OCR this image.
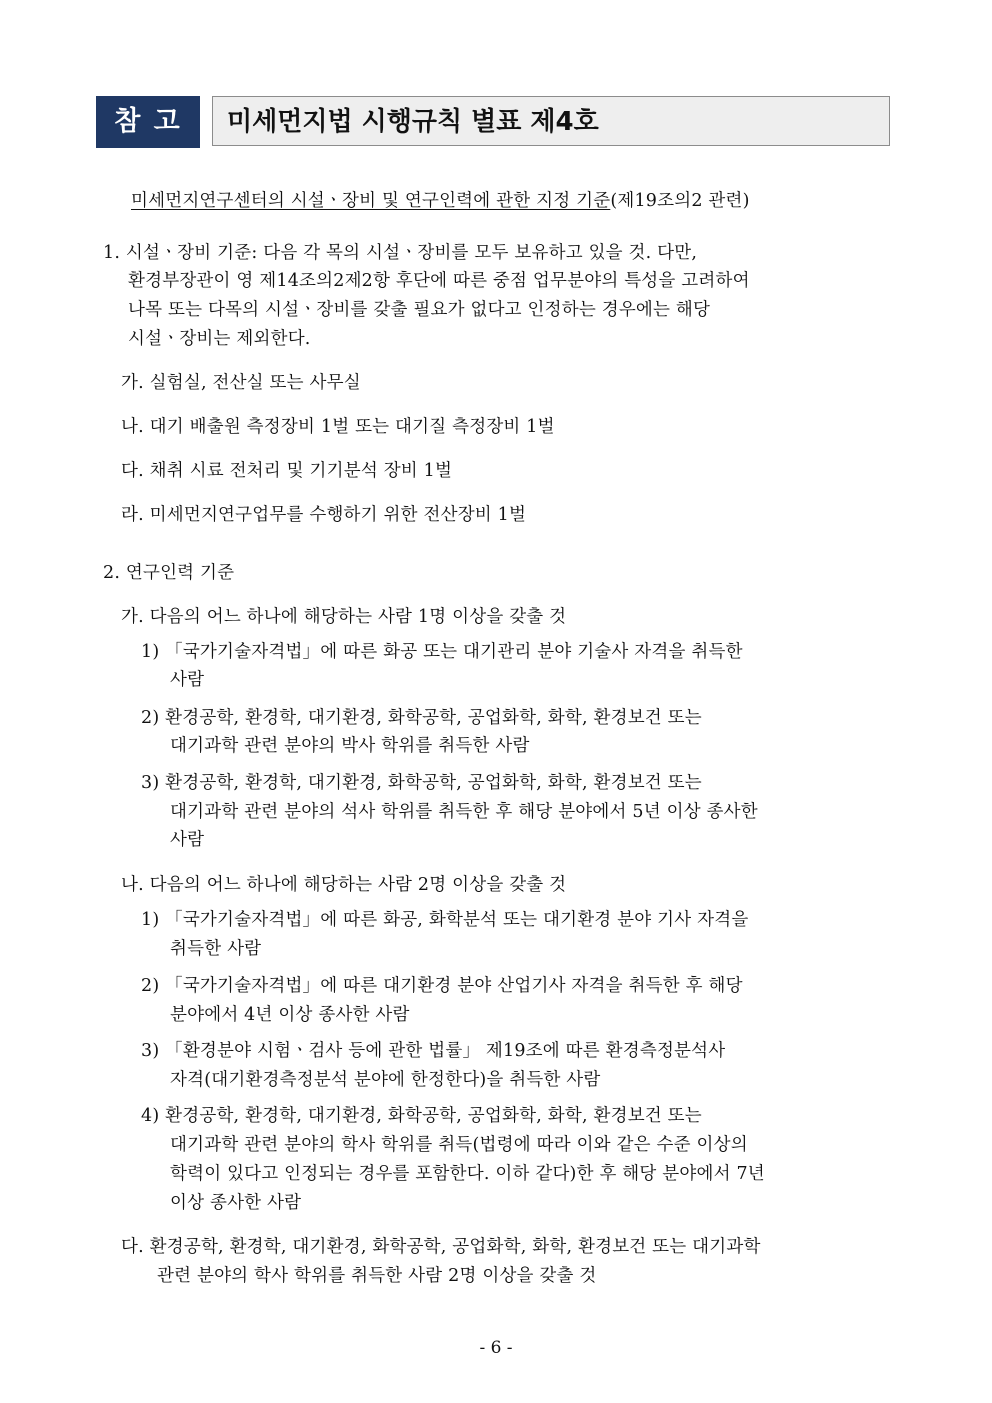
참 고	미세먼지법 시행규칙 별표 제4호
미세먼지연구센터의 시설ㆍ장비 및 연구인력에 관한 지정 기준(제19조의2 관련)
1. 시설ㆍ장비 기준: 다음 각 목의 시설ㆍ장비를 모두 보유하고 있을 것. 다만,
환경부장관이 영 제14조의2제2항 후단에 따른 중점 업무분야의 특성을 고려하여
나목 또는 다목의 시설ㆍ장비를 갖출 필요가 없다고 인정하는 경우에는 해당
시설ㆍ장비는 제외한다.
가. 실험실, 전산실 또는 사무실
나. 대기 배출원 측정장비 1벌 또는 대기질 측정장비 1벌
다. 채취 시료 전처리 및 기기분석 장비 1벌
라. 미세먼지연구업무를 수행하기 위한 전산장비 1벌
2. 연구인력 기준
가. 다음의 어느 하나에 해당하는 사람 1명 이상을 갖출 것
1) 「국가기술자격법」에 따른 화공 또는 대기관리 분야 기술사 자격을 취득한
사람
2) 환경공학, 환경학, 대기환경, 화학공학, 공업화학, 화학, 환경보건 또는
대기과학 관련 분야의 박사 학위를 취득한 사람
3) 환경공학, 환경학, 대기환경, 화학공학, 공업화학, 화학, 환경보건 또는
대기과학 관련 분야의 석사 학위를 취득한 후 해당 분야에서 5년 이상 종사한
사람
나. 다음의 어느 하나에 해당하는 사람 2명 이상을 갖출 것
1) 「국가기술자격법」에 따른 화공, 화학분석 또는 대기환경 분야 기사 자격을
취득한 사람
2) 「국가기술자격법」에 따른 대기환경 분야 산업기사 자격을 취득한 후 해당
분야에서 4년 이상 종사한 사람
3) 「환경분야 시험ㆍ검사 등에 관한 법률」 제19조에 따른 환경측정분석사
자격(대기환경측정분석 분야에 한정한다)을 취득한 사람
4) 환경공학, 환경학, 대기환경, 화학공학, 공업화학, 화학, 환경보건 또는
대기과학 관련 분야의 학사 학위를 취득(법령에 따라 이와 같은 수준 이상의
학력이 있다고 인정되는 경우를 포함한다. 이하 같다)한 후 해당 분야에서 7년
이상 종사한 사람
다. 환경공학, 환경학, 대기환경, 화학공학, 공업화학, 화학, 환경보건 또는 대기과학
관련 분야의 학사 학위를 취득한 사람 2명 이상을 갖출 것
- 6 -
